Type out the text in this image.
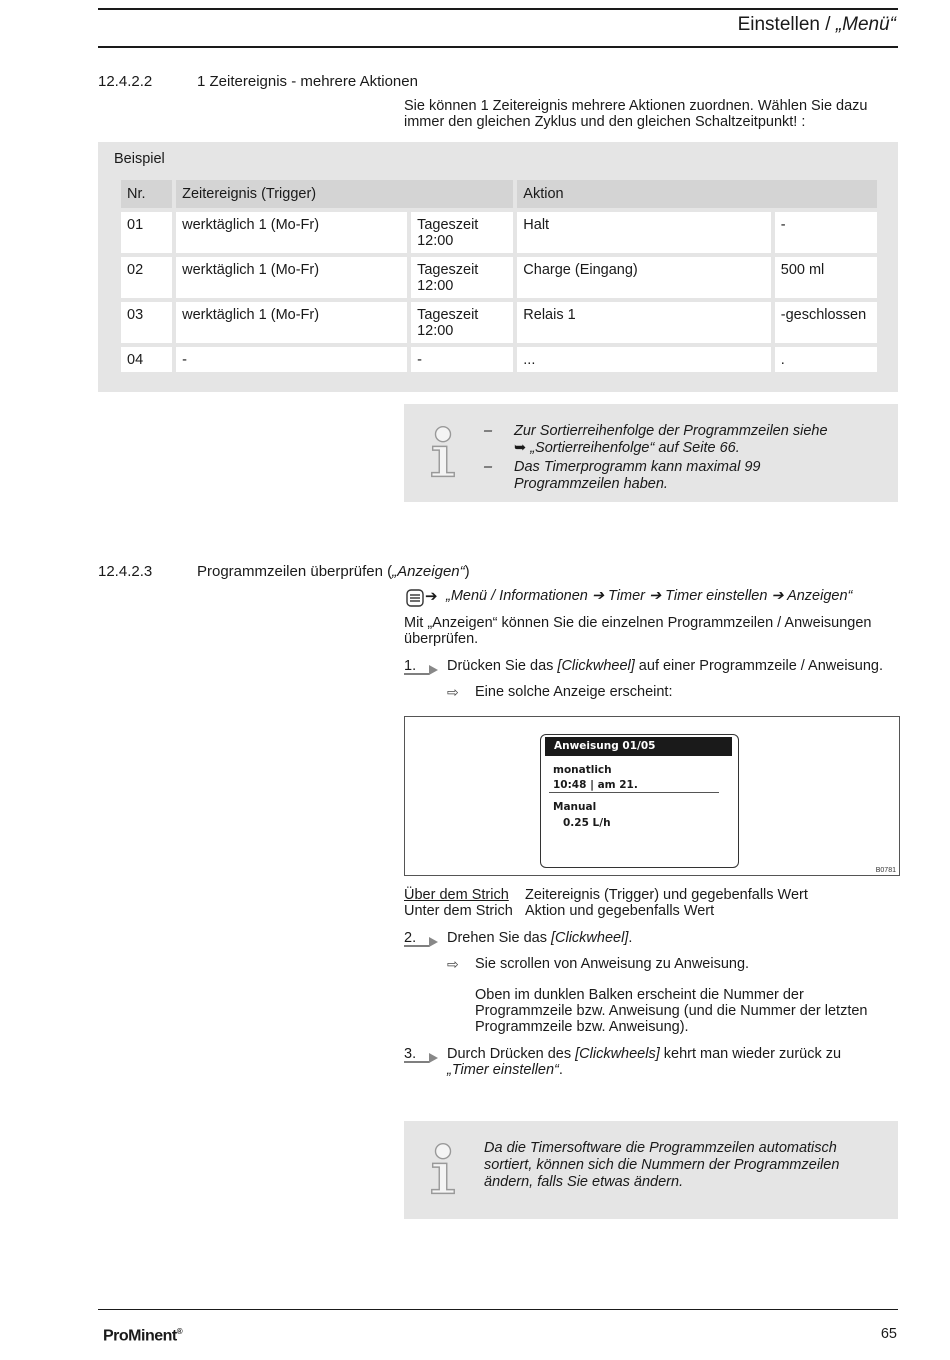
Einstellen / „Menü“
12.4.2.2	1 Zeitereignis - mehrere Aktionen
Sie können 1 Zeitereignis mehrere Aktionen zuordnen. Wählen Sie dazu immer den gleichen Zyklus und den gleichen Schaltzeitpunkt! :
Beispiel
Nr.	Zeitereignis (Trigger)		Aktion	
01	werktäglich 1 (Mo-Fr)	Tageszeit 12:00	Halt	-
02	werktäglich 1 (Mo-Fr)	Tageszeit 12:00	Charge (Eingang)	500 ml
03	werktäglich 1 (Mo-Fr)	Tageszeit 12:00	Relais 1	-geschlossen
04	-	-	...	.
– Zur Sortierreihenfolge der Programmzeilen siehe
➥ „Sortierreihenfolge“ auf Seite 66.
– Das Timerprogramm kann maximal 99 Programmzeilen haben.
12.4.2.3	Programmzeilen überprüfen („Anzeigen“)
➔ „Menü / Informationen ➔ Timer ➔ Timer einstellen ➔ Anzeigen“
Mit „Anzeigen“ können Sie die einzelnen Programmzeilen / Anweisungen überprüfen.
1. Drücken Sie das [Clickwheel] auf einer Programmzeile / Anweisung.
⇨ Eine solche Anzeige erscheint:
Anweisung 01/05
monatlich
10:48 | am 21.
Manual
0.25 L/h
B0781
Über dem Strich Zeitereignis (Trigger) und gegebenfalls Wert
Unter dem Strich Aktion und gegebenfalls Wert
2. Drehen Sie das [Clickwheel].
⇨ Sie scrollen von Anweisung zu Anweisung.
Oben im dunklen Balken erscheint die Nummer der Programmzeile bzw. Anweisung (und die Nummer der letzten Programmzeile bzw. Anweisung).
3. Durch Drücken des [Clickwheels] kehrt man wieder zurück zu
„Timer einstellen“.
Da die Timersoftware die Programmzeilen automatisch sortiert, können sich die Nummern der Programmzeilen ändern, falls Sie etwas ändern.
ProMinent®	65
